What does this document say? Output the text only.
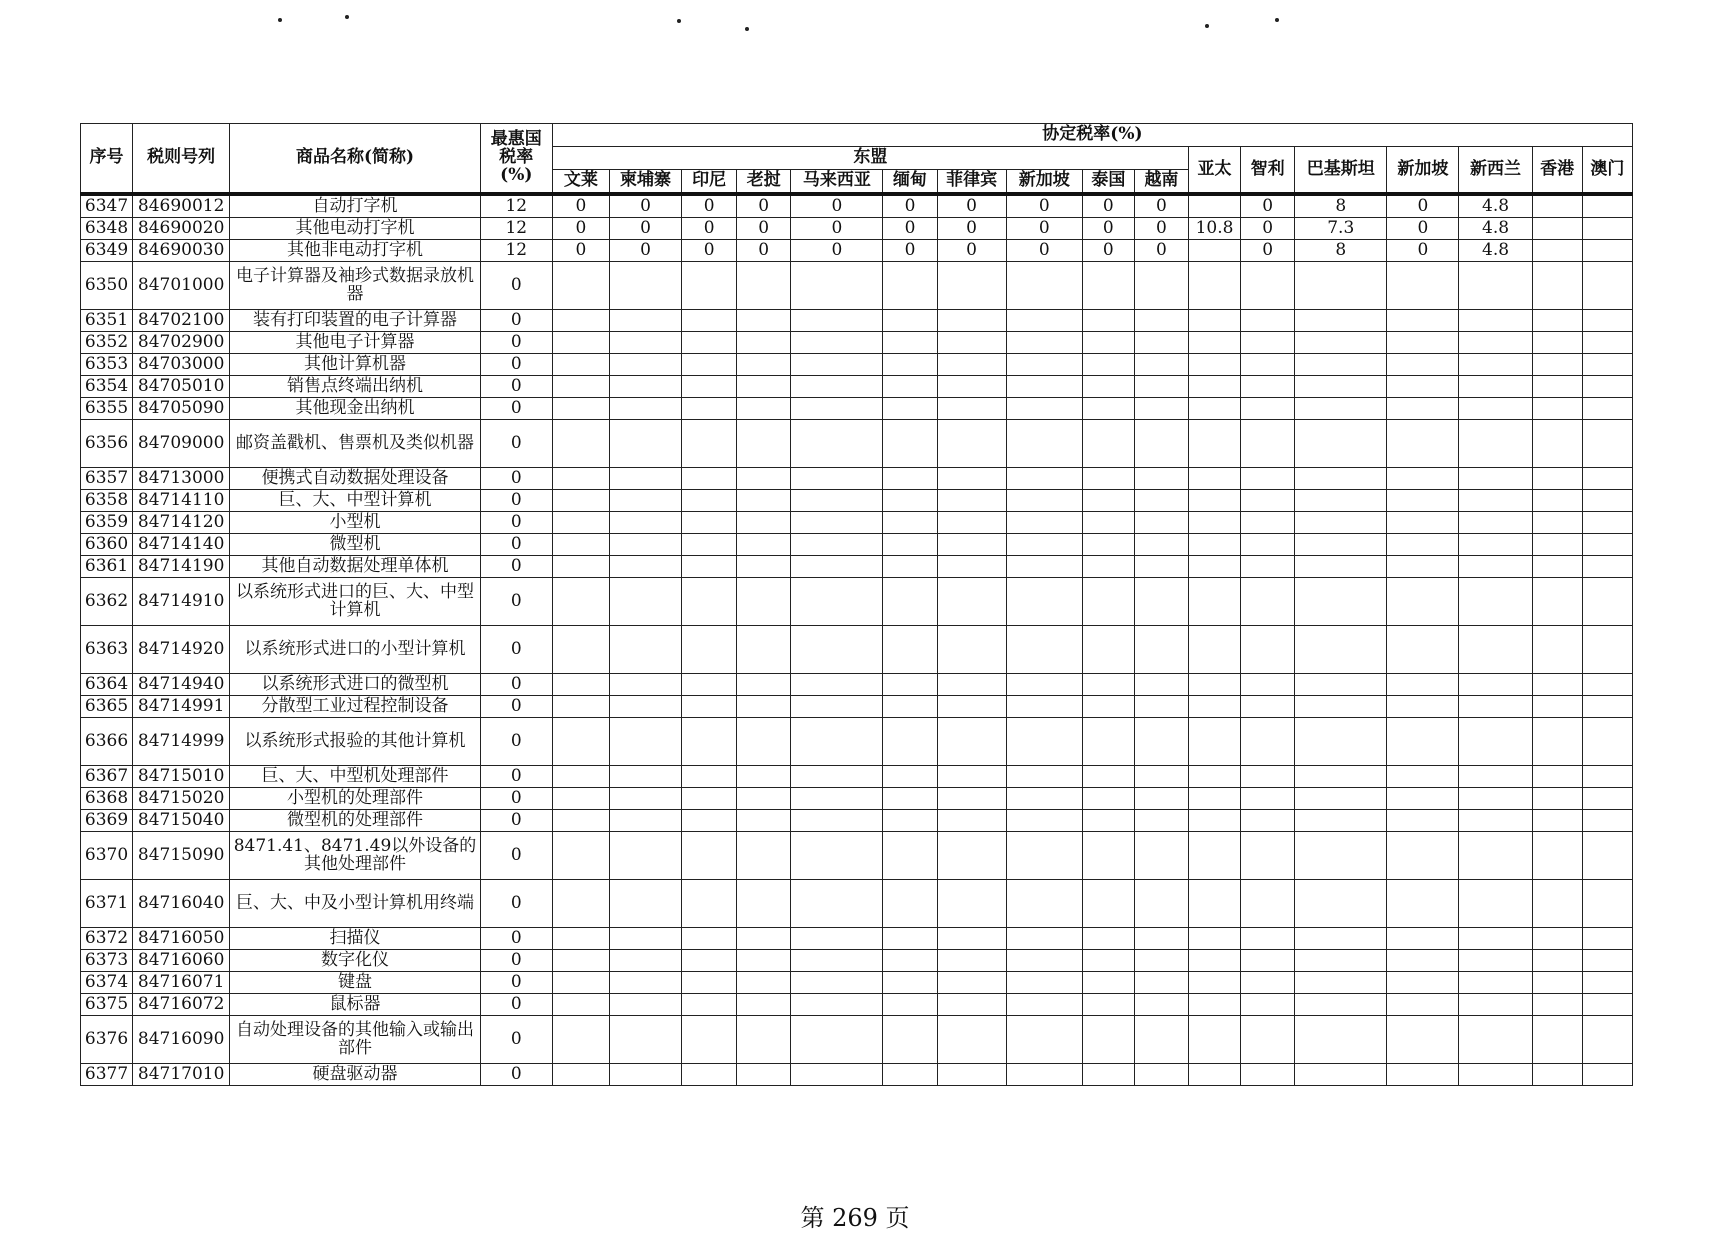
序号	税则号列	商品名称(简称)	最惠国
税率
(%)	协定税率(%)																
				东盟										亚太	智利	巴基斯坦	新加坡	新西兰	香港	澳门
				文莱	柬埔寨	印尼	老挝	马来西亚	缅甸	菲律宾	新加坡	泰国	越南							
6347	84690012	自动打字机	12	0	0	0	0	0	0	0	0	0	0		0	8	0	4.8		
6348	84690020	其他电动打字机	12	0	0	0	0	0	0	0	0	0	0	10.8	0	7.3	0	4.8		
6349	84690030	其他非电动打字机	12	0	0	0	0	0	0	0	0	0	0		0	8	0	4.8		
6350	84701000	电子计算器及袖珍式数据录放机器	0																	
6351	84702100	装有打印装置的电子计算器	0																	
6352	84702900	其他电子计算器	0																	
6353	84703000	其他计算机器	0																	
6354	84705010	销售点终端出纳机	0																	
6355	84705090	其他现金出纳机	0																	
6356	84709000	邮资盖戳机、售票机及类似机器	0																	
6357	84713000	便携式自动数据处理设备	0																	
6358	84714110	巨、大、中型计算机	0																	
6359	84714120	小型机	0																	
6360	84714140	微型机	0																	
6361	84714190	其他自动数据处理单体机	0																	
6362	84714910	以系统形式进口的巨、大、中型计算机	0																	
6363	84714920	以系统形式进口的小型计算机	0																	
6364	84714940	以系统形式进口的微型机	0																	
6365	84714991	分散型工业过程控制设备	0																	
6366	84714999	以系统形式报验的其他计算机	0																	
6367	84715010	巨、大、中型机处理部件	0																	
6368	84715020	小型机的处理部件	0																	
6369	84715040	微型机的处理部件	0																	
6370	84715090	8471.41、8471.49以外设备的其他处理部件	0																	
6371	84716040	巨、大、中及小型计算机用终端	0																	
6372	84716050	扫描仪	0																	
6373	84716060	数字化仪	0																	
6374	84716071	键盘	0																	
6375	84716072	鼠标器	0																	
6376	84716090	自动处理设备的其他输入或输出部件	0																	
6377	84717010	硬盘驱动器	0																	
第 269 页
